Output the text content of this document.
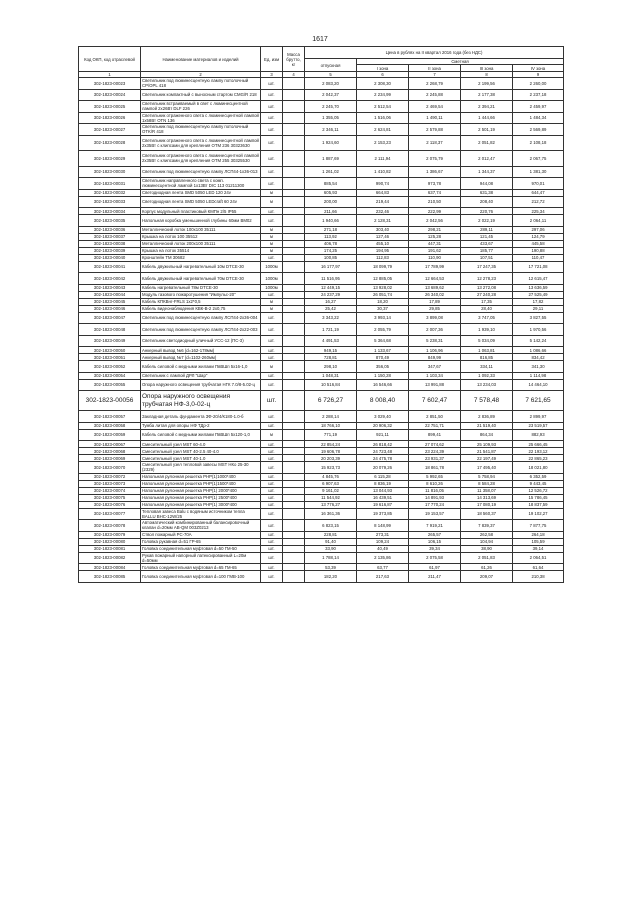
1617
Код ОКП, код отраслевой	Наименование материалов и изделий	Ед. изм	Масса брутто, кг	Цена в рублях на II квартал 2016 года (без НДС)				
				отпускная	Сметная			
					I зона	II зона	III зона	IV зона
1	2	3	4	5	6	7	8	9
302-1823-00023	Светильник под люминесцентную лампу потолочный CP/OPL 418	шт.		2 083,20	2 308,30	2 268,79	2 199,56	2 260,00
302-1823-00024	Светильник компактный с выносным стартом CMG/R 218	шт.		2 042,37	2 234,99	2 245,88	2 177,38	2 237,18
302-1823-00025	Светильник встраиваемый в свет с люминесцентной лампой 2x26Вт DLF 226	шт.		2 245,70	2 512,54	2 469,54	2 394,21	2 459,97
302-1823-00026	Светильник отраженного света с люминесцентной лампой 1x58Вт OTN 136	шт.		1 355,05	1 516,06	1 490,11	1 444,66	1 484,34
302-1823-00027	Светильник под люминесцентную лампу потолочный OTK/R 418	шт.		2 346,11	2 624,81	2 579,88	2 501,19	2 569,89
302-1823-00028	Светильник отраженного света с люминесцентной лампой 2x35Вт с клипсами для крепления OTM 236 30323630	шт.		1 924,60	2 153,23	2 118,37	2 051,82	2 108,18
302-1823-00029	Светильник отраженного света с люминесцентной лампой 2x35Вт с клипсами для крепления OTM 255 30325530	шт.		1 887,69	2 111,94	2 075,79	2 012,47	2 067,75
302-1823-00030	Светильник под люминесцентную лампу ЛСП44-1x36-013	шт.		1 261,02	1 410,82	1 386,67	1 344,37	1 381,30
302-1823-00031	Светильник направленного света с комп. люминесцентной лампой 1x13Вт DIC 113 01211300	шт.		885,54	990,74	973,78	944,08	970,01
302-1823-00032	Светодиодная лента SMD 5050 LED 120 24v	м		605,93	664,83	637,74	631,38	644,47
302-1823-00033	Светодиодная лента SMD 5050 LEDcraft 60 24v	м		200,00	219,44	210,50	208,40	212,72
302-1823-00034	Корпус модульный пластиковый КМПн 2/5 IP55	шт.		211,66	232,46	222,99	220,76	225,34
302-1823-00035	Напольная коробка уменьшенной глубины 60мм ВМ02	шт.		1 940,66	2 128,31	2 042,56	2 022,19	2 064,11
302-1823-00036	Металлический лоток 100x100 35111	м		271,18	303,40	298,21	289,11	297,06
302-1823-00037	Крышка на лоток 100 35512	м		113,92	127,46	125,28	121,45	124,79
302-1823-00038	Металлический лоток 200x100 35111	м		406,78	455,10	447,31	433,67	445,58
302-1823-00039	Крышка на лоток 35514	м		174,25	194,95	191,62	185,77	190,88
302-1823-00040	Кронштейн TM 30682	шт.		100,85	112,83	110,90	107,51	110,47
302-1823-00041	Кабель двужильный нагревательный 10м DTCE-30	1000м		16 177,97	18 099,79	17 789,99	17 247,35	17 721,08
302-1823-00042	Кабель двужильный нагревательный 70м DTCE-30	1000м		11 516,95	12 885,05	12 664,53	12 278,23	12 615,47
302-1823-00043	Кабель нагревательный 78м DTCE-30	1000м		12 449,15	13 928,02	13 689,62	13 272,08	13 636,59
302-1823-00044	Модуль газового пожаротушения "Импульс-20"	шт.		24 237,29	26 051,74	26 340,02	27 240,28	27 525,49
302-1823-00045	Кабель КПКВнг-FRLS 1x2*0,5	м		16,27	18,20	17,89	17,35	17,82
302-1823-00046	Кабель видеонаблюдения КВК-В-2 2x0,75	м		25,42	30,37	29,85	28,40	29,11
302-1823-00047	Светильник под люминесцентную лампу ЛСП44-2x36-004	шт.		3 343,22	3 993,14	3 899,08	3 747,05	3 827,55
302-1823-00048	Светильник под люминесцентную лампу ЛСП44-2x22-003	шт.		1 721,19	2 055,79	2 007,36	1 939,10	1 970,56
302-1823-00049	Светильник светодиодный уличный УСС-12 (ПС-3)	шт.		4 491,53	5 364,68	5 238,31	5 034,09	5 142,24
302-1823-00050	Анкерный вывод №6 (d=162-178мм)	шт.		949,15	1 133,67	1 106,96	1 063,81	1 086,66
302-1823-00051	Анкерный вывод №7 (d=1102-260мм)	шт.		728,81	870,49	849,99	816,85	834,42
302-1823-00052	Кабель силовой с медными жилами ПвВШп 5x16-1,0	м		298,10	356,05	347,67	334,11	341,30
302-1823-00054	Светильник с лампой ДРЛ "Шар"	шт.		1 048,31	1 150,28	1 103,34	1 092,33	1 114,98
302-1823-00055	Опора наружного освещения трубчатая НГК 7.0/8-5.02-ц	шт.		10 516,84	16 546,66	13 991,88	13 234,03	14 464,10
302-1823-00056	Опора наружного освещения трубчатая НФ-3,0-02-ц	шт.		6 726,27	8 008,40	7 602,47	7 578,48	7 621,65
302-1823-00057	Закладная деталь фундамента ЗФ-20/4/К180-1.0-б	шт.		2 288,14	3 029,40	2 851,50	2 836,89	2 899,97
302-1823-00058	Тумба литая для опоры НФ ТДр-2	шт.		18 766,10	20 906,32	22 751,71	21 519,40	23 519,57
302-1823-00059	Кабель силовой с медными жилами ПвВШп 5x120-1,0	м		771,19	921,11	899,41	864,34	882,93
302-1823-00067	Смесительный узел MST 60-4.0	шт.		22 854,24	26 818,42	27 074,62	25 109,93	25 666,45
302-1823-00068	Смесительный узел MST 40-2.5 40-4.0	шт.		19 606,78	24 723,48	23 224,39	21 541,87	22 193,12
302-1823-00069	Смесительный узел MST 40-1.0	шт.		20 203,39	24 475,78	23 931,37	22 197,49	22 865,23
302-1823-00070	Смесительный узел тепловой завесы MST НКо 25-30 (2329)	шт.		15 923,73	20 079,26	18 861,78	17 495,40	18 021,80
302-1823-00072	Напольная рулонная решетка PHP(1)1000*400	шт.		4 845,76	6 115,28	5 992,65	5 758,94	6 352,59
302-1823-00073	Напольная рулонная решетка PHP(1)1500*400	шт.		6 907,63	8 836,19	8 610,26	8 584,28	9 443,45
302-1823-00074	Напольная рулонная решетка PHP(1) 2000*400	шт.		9 161,02	13 044,93	11 816,05	11 358,07	12 526,72
302-1823-00075	Напольная рулонная решетка PHP(1) 2500*400	шт.		11 544,92	16 439,51	14 891,93	14 313,69	15 786,45
302-1823-00076	Напольная рулонная решетка PHP(1) 3000*400	шт.		13 776,27	19 616,87	17 770,24	17 080,19	18 837,59
302-1823-00077	Тепловая завеса Balu с водяным источником тепла BALLU BHC-12W/25	шт.		16 361,36	19 373,85	19 153,57	18 560,37	19 102,27
302-1823-00078	Автоматический комбинированный балансировочный клапан d=20мм АВ-QM 003Z0213	шт.		6 823,15	8 148,99	7 919,21	7 839,37	7 877,75
302-1823-00079	Ствол пожарный РС-70А	шт.		228,81	273,31	265,57	262,58	264,18
302-1823-00080	Головка рукавная d=51 ГР-65	шт.		91,40	109,24	106,15	104,94	105,59
302-1823-00081	Головка соединительная муфтовая d=50 ГМ-50	шт.		33,90	40,49	39,34	38,90	39,14
302-1823-00082	Рукав пожарный напорный латексированный L=20м d=50мм	шт.		1 788,14	2 135,86	2 075,58	2 051,83	2 064,51
302-1823-00084	Головка соединительная муфтовая d=65 ГМ-65	шт.		53,39	63,77	61,97	61,26	61,64
302-1823-00085	Головка соединительная муфтовая d=100 ГМВ-100	шт.		182,20	217,63	211,47	209,07	210,38
